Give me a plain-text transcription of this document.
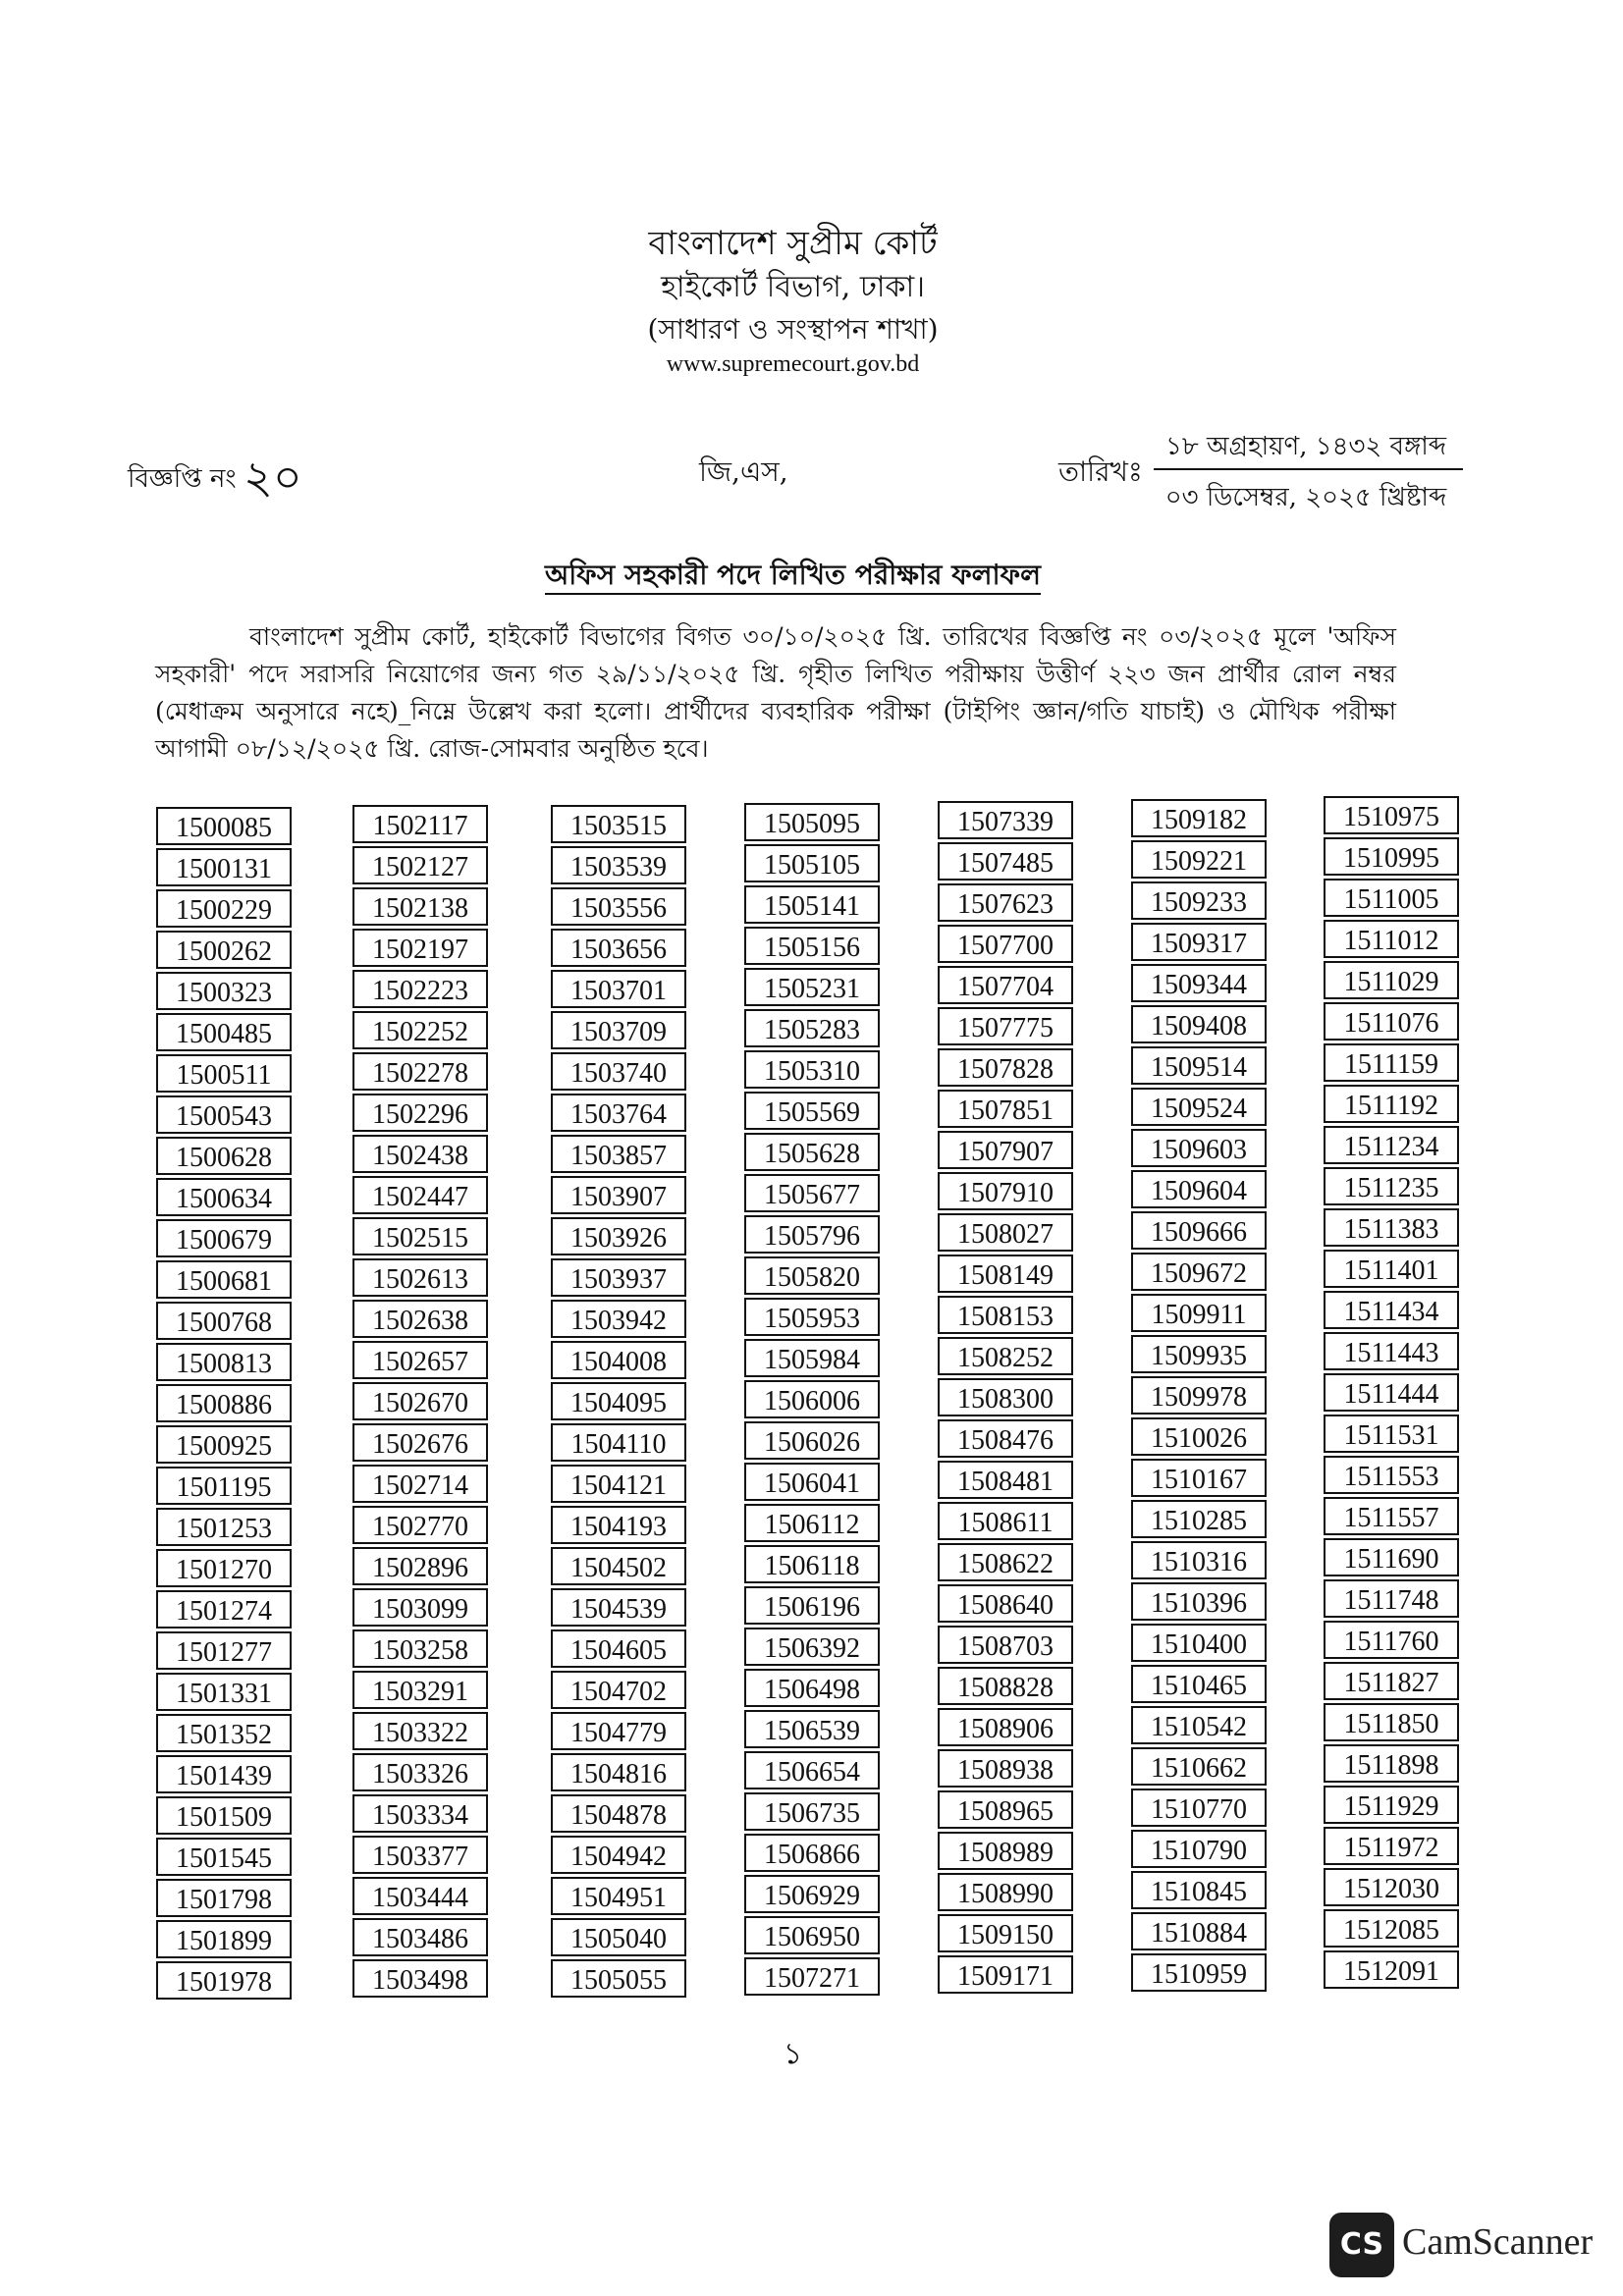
বাংলাদেশ সুপ্রীম কোর্ট
হাইকোর্ট বিভাগ, ঢাকা।
(সাধারণ ও সংস্থাপন শাখা)
www.supremecourt.gov.bd
বিজ্ঞপ্তি নং ২০	জি,এস,	তারিখঃ
১৮ অগ্রহায়ণ, ১৪৩২ বঙ্গাব্দ
০৩ ডিসেম্বর, ২০২৫ খ্রিষ্টাব্দ
অফিস সহকারী পদে লিখিত পরীক্ষার ফলাফল
বাংলাদেশ সুপ্রীম কোর্ট, হাইকোর্ট বিভাগের বিগত ৩০/১০/২০২৫ খ্রি. তারিখের বিজ্ঞপ্তি নং ০৩/২০২৫ মূলে 'অফিস সহকারী' পদে সরাসরি নিয়োগের জন্য গত ২৯/১১/২০২৫ খ্রি. গৃহীত লিখিত পরীক্ষায় উত্তীর্ণ ২২৩ জন প্রার্থীর রোল নম্বর (মেধাক্রম অনুসারে নহে)_নিম্নে উল্লেখ করা হলো। প্রার্থীদের ব্যবহারিক পরীক্ষা (টাইপিং জ্ঞান/গতি যাচাই) ও মৌখিক পরীক্ষা আগামী ০৮/১২/২০২৫ খ্রি. রোজ-সোমবার অনুষ্ঠিত হবে।
1500085
1500131
1500229
1500262
1500323
1500485
1500511
1500543
1500628
1500634
1500679
1500681
1500768
1500813
1500886
1500925
1501195
1501253
1501270
1501274
1501277
1501331
1501352
1501439
1501509
1501545
1501798
1501899
1501978
1502117
1502127
1502138
1502197
1502223
1502252
1502278
1502296
1502438
1502447
1502515
1502613
1502638
1502657
1502670
1502676
1502714
1502770
1502896
1503099
1503258
1503291
1503322
1503326
1503334
1503377
1503444
1503486
1503498
1503515
1503539
1503556
1503656
1503701
1503709
1503740
1503764
1503857
1503907
1503926
1503937
1503942
1504008
1504095
1504110
1504121
1504193
1504502
1504539
1504605
1504702
1504779
1504816
1504878
1504942
1504951
1505040
1505055
1505095
1505105
1505141
1505156
1505231
1505283
1505310
1505569
1505628
1505677
1505796
1505820
1505953
1505984
1506006
1506026
1506041
1506112
1506118
1506196
1506392
1506498
1506539
1506654
1506735
1506866
1506929
1506950
1507271
1507339
1507485
1507623
1507700
1507704
1507775
1507828
1507851
1507907
1507910
1508027
1508149
1508153
1508252
1508300
1508476
1508481
1508611
1508622
1508640
1508703
1508828
1508906
1508938
1508965
1508989
1508990
1509150
1509171
1509182
1509221
1509233
1509317
1509344
1509408
1509514
1509524
1509603
1509604
1509666
1509672
1509911
1509935
1509978
1510026
1510167
1510285
1510316
1510396
1510400
1510465
1510542
1510662
1510770
1510790
1510845
1510884
1510959
1510975
1510995
1511005
1511012
1511029
1511076
1511159
1511192
1511234
1511235
1511383
1511401
1511434
1511443
1511444
1511531
1511553
1511557
1511690
1511748
1511760
1511827
1511850
1511898
1511929
1511972
1512030
1512085
1512091
১
CS CamScanner
